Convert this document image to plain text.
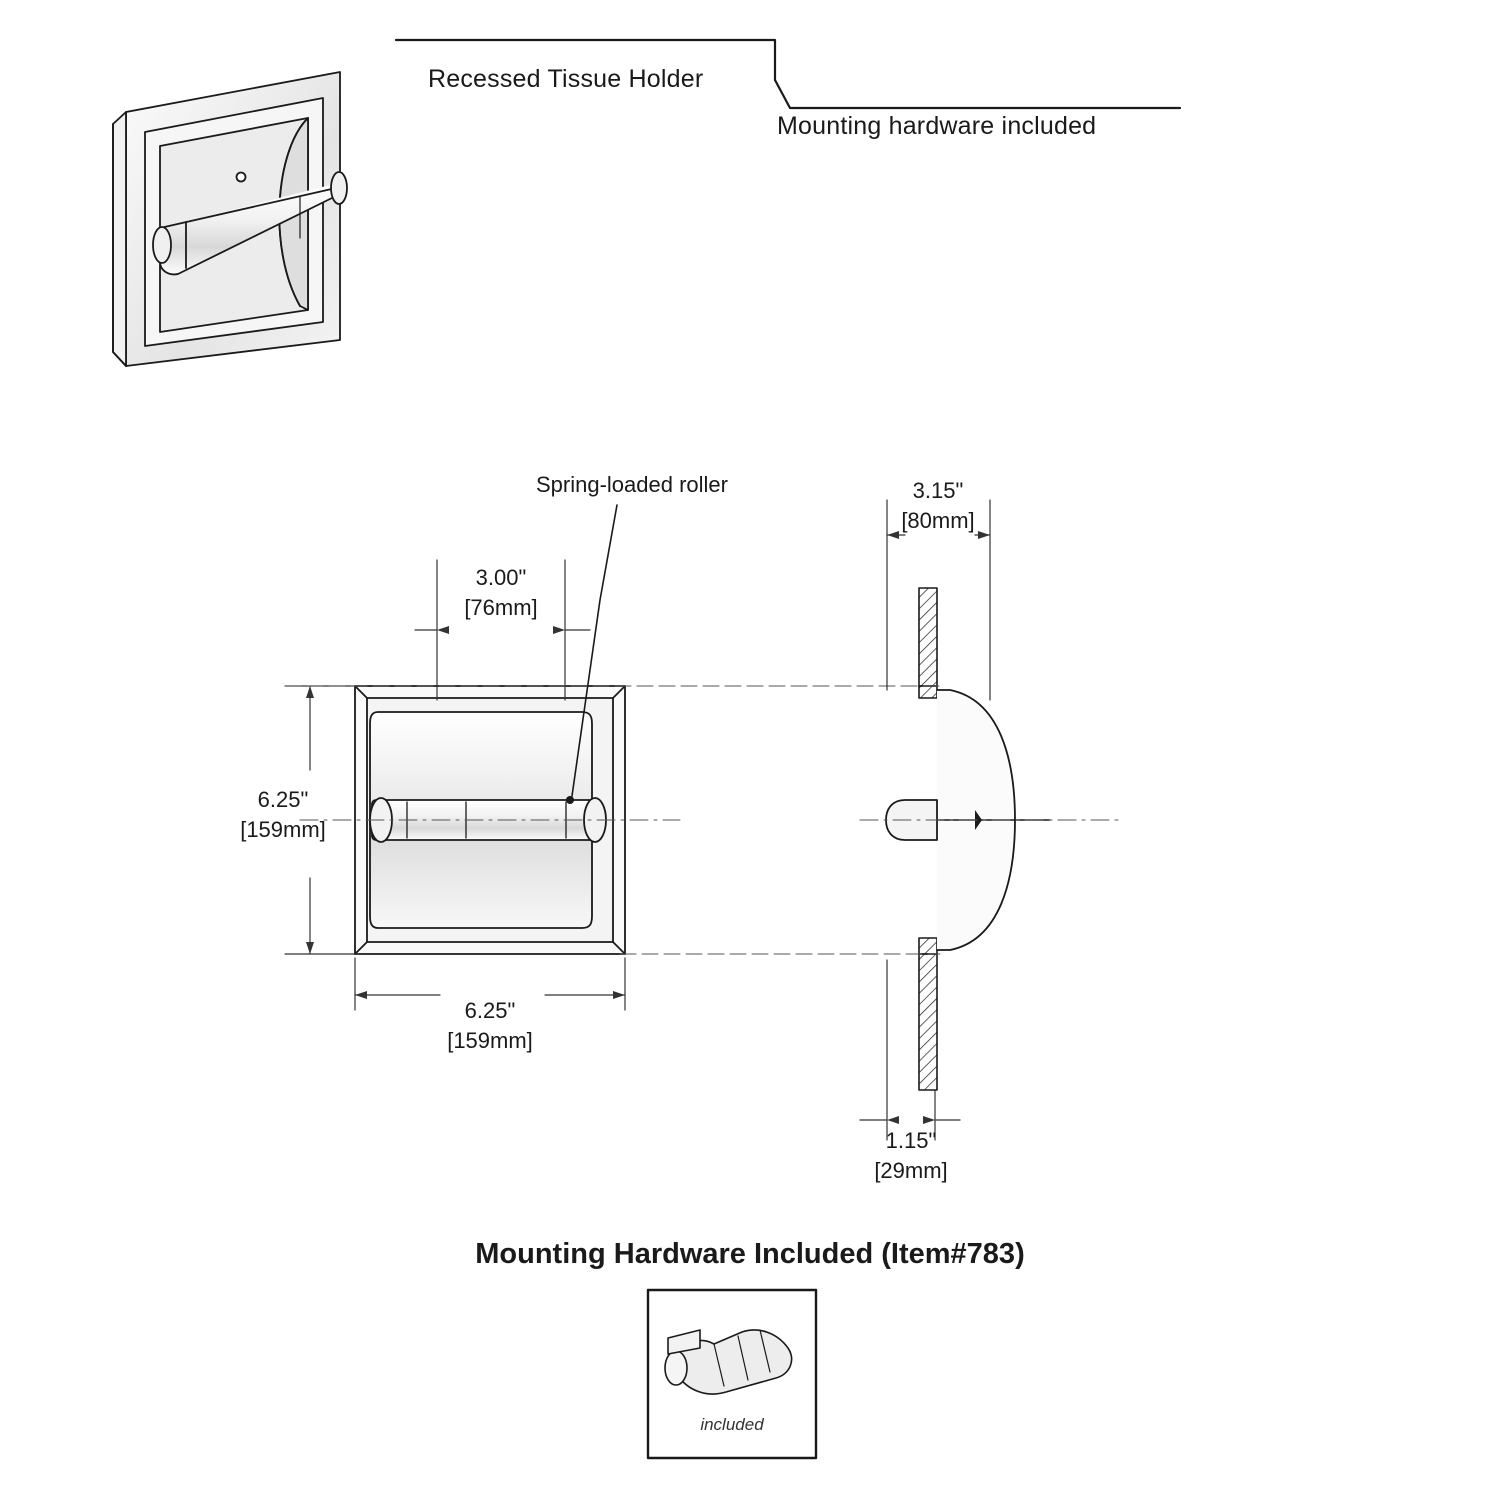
Recessed Tissue Holder
Mounting hardware included
Spring-loaded roller
3.00"
[76mm]
6.25"
[159mm]
6.25"
[159mm]
3.15"
[80mm]
1.15"
[29mm]
Mounting Hardware Included (Item#783)
included
